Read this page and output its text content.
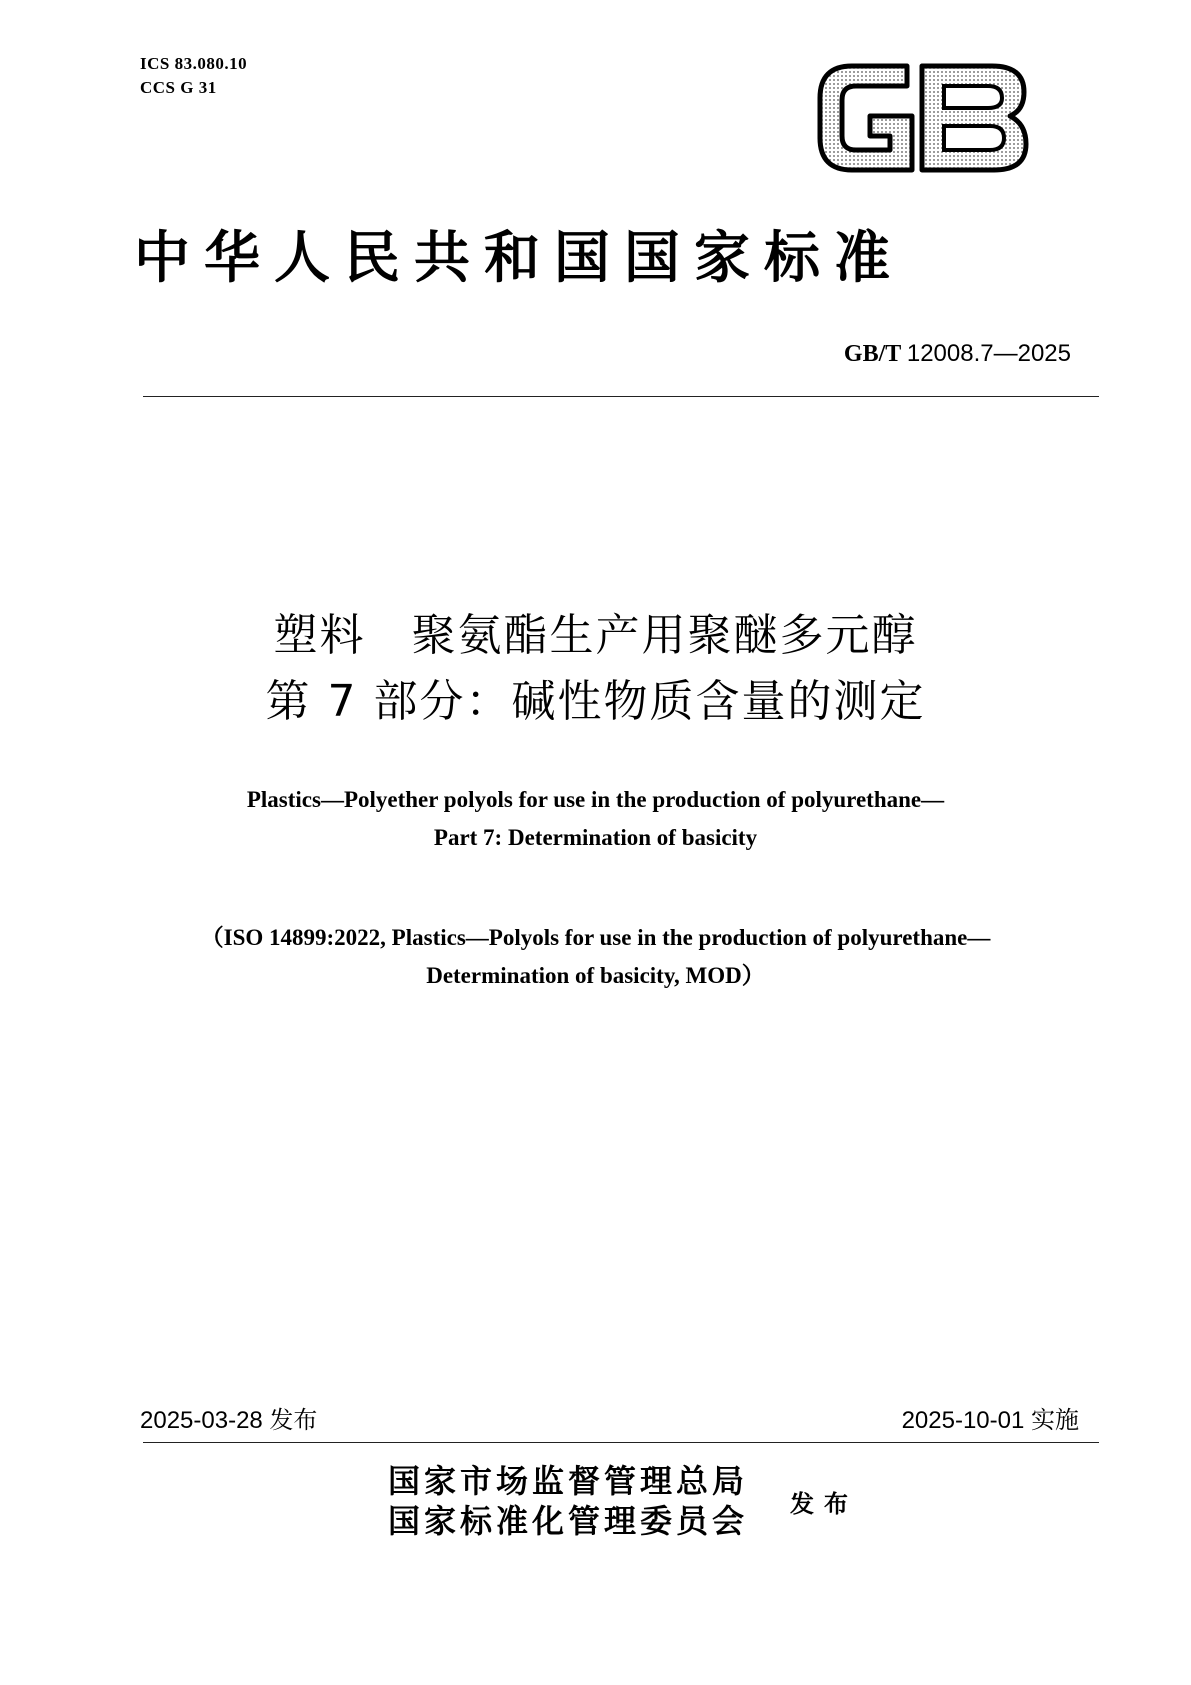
ICS 83.080.10
CCS G 31
GB
中华人民共和国国家标准
GB/T 12008.7—2025
塑料　聚氨酯生产用聚醚多元醇
第 7 部分：碱性物质含量的测定
Plastics—Polyether polyols for use in the production of polyurethane—
Part 7: Determination of basicity
（ISO 14899:2022, Plastics—Polyols for use in the production of polyurethane—
Determination of basicity, MOD）
2025-03-28 发布	2025-10-01 实施
国家市场监督管理总局
国家标准化管理委员会 发布
